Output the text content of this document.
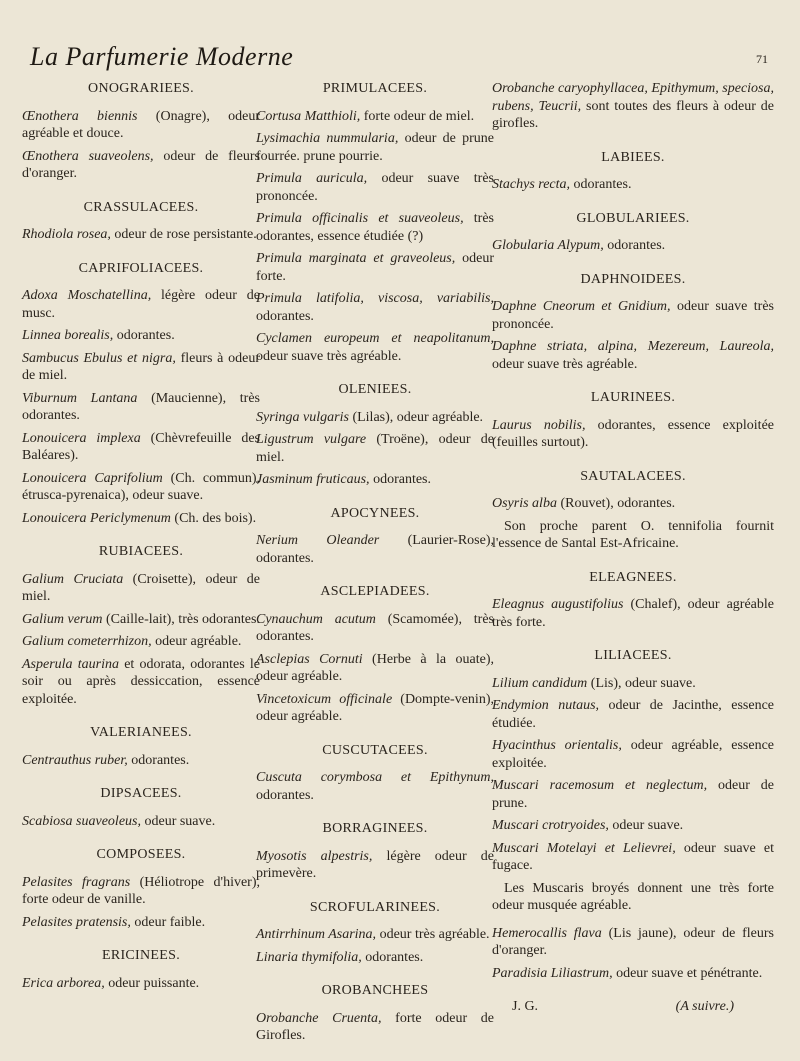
La Parfumerie Moderne	71
ONOGRARIEES.

Œnothera biennis (Onagre), odeur agréable et douce.

Œnothera suaveolens, odeur de fleurs d'oranger.

CRASSULACEES.

Rhodiola rosea, odeur de rose persistante.

CAPRIFOLIACEES.

Adoxa Moschatellina, légère odeur de musc.

Linnea borealis, odorantes.

Sambucus Ebulus et nigra, fleurs à odeur de miel.

Viburnum Lantana (Maucienne), très odorantes.

Lonouicera implexa (Chèvrefeuille des Baléares).

Lonouicera Caprifolium (Ch. commun), étrusca-pyrenaica), odeur suave.

Lonouicera Periclymenum (Ch. des bois).

RUBIACEES.

Galium Cruciata (Croisette), odeur de miel.

Galium verum (Caille-lait), très odorantes.

Galium cometerrhizon, odeur agréable.

Asperula taurina et odorata, odorantes le soir ou après dessiccation, essence exploitée.

VALERIANEES.

Centrauthus ruber, odorantes.

DIPSACEES.

Scabiosa suaveoleus, odeur suave.

COMPOSEES.

Pelasites fragrans (Héliotrope d'hiver), forte odeur de vanille.

Pelasites pratensis, odeur faible.

ERICINEES.

Erica arborea, odeur puissante.

PRIMULACEES.

Cortusa Matthioli, forte odeur de miel.

Lysimachia nummularia, odeur de prune fourrée. prune pourrie.

Primula auricula, odeur suave très prononcée.

Primula officinalis et suaveoleus, très odorantes, essence étudiée (?)

Primula marginata et graveoleus, odeur forte.

Primula latifolia, viscosa, variabilis, odorantes.

Cyclamen europeum et neapolitanum, odeur suave très agréable.

OLENIEES.

Syringa vulgaris (Lilas), odeur agréable.

Ligustrum vulgare (Troëne), odeur de miel.

Jasminum fruticaus, odorantes.

APOCYNEES.

Nerium Oleander (Laurier-Rose), odorantes.

ASCLEPIADEES.

Cynauchum acutum (Scamomée), très odorantes.

Asclepias Cornuti (Herbe à la ouate), odeur agréable.

Vincetoxicum officinale (Dompte-venin), odeur agréable.

CUSCUTACEES.

Cuscuta corymbosa et Epithynum, odorantes.

BORRAGINEES.

Myosotis alpestris, légère odeur de primevère.

SCROFULARINEES.

Antirrhinum Asarina, odeur très agréable.

Linaria thymifolia, odorantes.

OROBANCHEES

Orobanche Cruenta, forte odeur de Girofles.

Orobanche caryophyllacea, Epithymum, speciosa, rubens, Teucrii, sont toutes des fleurs à odeur de girofles.

LABIEES.

Stachys recta, odorantes.

GLOBULARIEES.

Globularia Alypum, odorantes.

DAPHNOIDEES.

Daphne Cneorum et Gnidium, odeur suave très prononcée.

Daphne striata, alpina, Mezereum, Laureola, odeur suave très agréable.

LAURINEES.

Laurus nobilis, odorantes, essence exploitée (feuilles surtout).

SAUTALACEES.

Osyris alba (Rouvet), odorantes.

Son proche parent O. tennifolia fournit l'essence de Santal Est-Africaine.

ELEAGNEES.

Eleagnus augustifolius (Chalef), odeur agréable très forte.

LILIACEES.

Lilium candidum (Lis), odeur suave.

Endymion nutaus, odeur de Jacinthe, essence étudiée.

Hyacinthus orientalis, odeur agréable, essence exploitée.

Muscari racemosum et neglectum, odeur de prune.

Muscari crotryoides, odeur suave.

Muscari Motelayi et Lelievrei, odeur suave et fugace.

Les Muscaris broyés donnent une très forte odeur musquée agréable.

Hemerocallis flava (Lis jaune), odeur de fleurs d'oranger.

Paradisia Liliastrum, odeur suave et pénétrante.

J. G.	(A suivre.)
